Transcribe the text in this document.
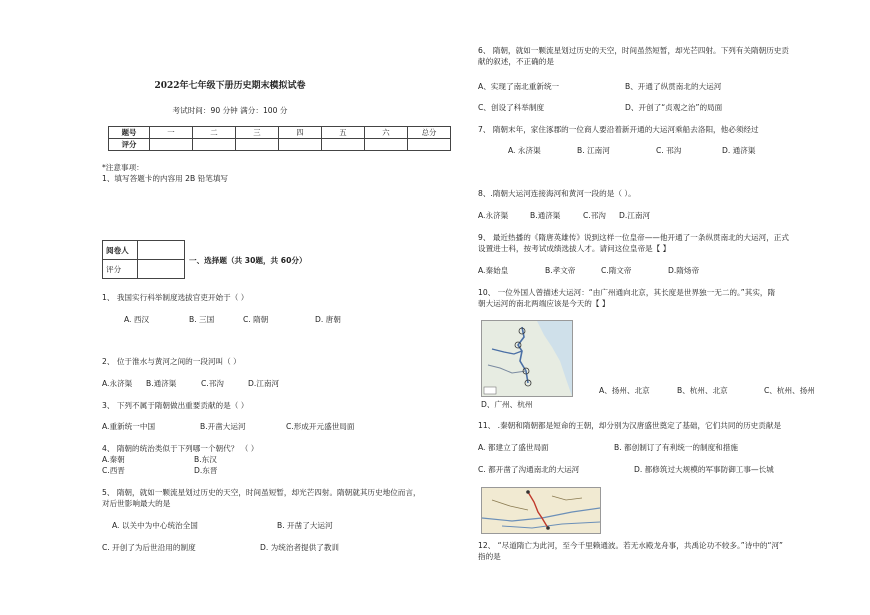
2022年七年级下册历史期末模拟试卷
考试时间：90 分钟 满分：100 分
题号	一	二	三	四	五	六	总分
评分							
*注意事项：
1、填写答题卡的内容用 2B 铅笔填写
阅卷人	
评分	
一、选择题（共 30题，共 60分）
1、 我国实行科举制度选拔官吏开始于（ ）
A. 西汉	B. 三国	C. 隋朝	D. 唐朝
2、 位于淮水与黄河之间的一段河叫（ ）
A.永济渠 B.通济渠	C.邗沟	D.江南河
3、 下列不属于隋朝做出重要贡献的是（ ）
A.重新统一中国	B.开凿大运河	C.形成开元盛世局面
4、 隋朝的统治类似于下列哪一个朝代？ （ ）
A.秦朝	B.东汉
C.西晋	D.东晋
5、 隋朝，就如一颗流星划过历史的天空，时间虽短暂，却光芒四射。隋朝就其历史地位而言，
对后世影响最大的是
A. 以关中为中心统治全国	B. 开凿了大运河
C. 开创了为后世沿用的制度	D. 为统治者提供了教训
6、 隋朝，就如一颗流星划过历史的天空，时间虽然短暂，却光芒四射。下列有关隋朝历史贡
献的叙述，不正确的是
A、实现了南北重新统一	B、开通了纵贯南北的大运河
C、创设了科举制度	D、开创了“贞观之治”的局面
7、 隋朝末年，家住涿郡的一位商人要沿着新开通的大运河乘船去洛阳，他必须经过
A. 永济渠	B. 江南河	C. 邗沟	D. 通济渠
8、.隋朝大运河连接海河和黄河一段的是（ ）。
A.永济渠	B.通济渠	C.邗沟 D.江南河
9、 最近热播的《隋唐英雄传》说到这样一位皇帝——他开通了一条纵贯南北的大运河，正式
设置进士科，按考试成绩选拔人才。请问这位皇帝是【 】
A.秦始皇	B.孝文帝	C.隋文帝	D.隋炀帝
10、 一位外国人曾描述大运河：“由广州通向北京，其长度是世界独一无二的。”其实，隋
朝大运河的南北两端应该是今天的【 】
A、扬州、北京	B、杭州、北京	C、杭州、扬州
D、广州、杭州
11、 .秦朝和隋朝都是短命的王朝，却分别为汉唐盛世奠定了基础，它们共同的历史贡献是
A. 都建立了盛世局面	B. 都创制订了有利统一的制度和措施
C. 都开凿了沟通南北的大运河	D. 都修筑过大规模的军事防御工事—长城
12、 “尽道隋亡为此河，至今千里赖通波。若无水殿龙舟事，共禹论功不较多。”诗中的“河”
指的是
